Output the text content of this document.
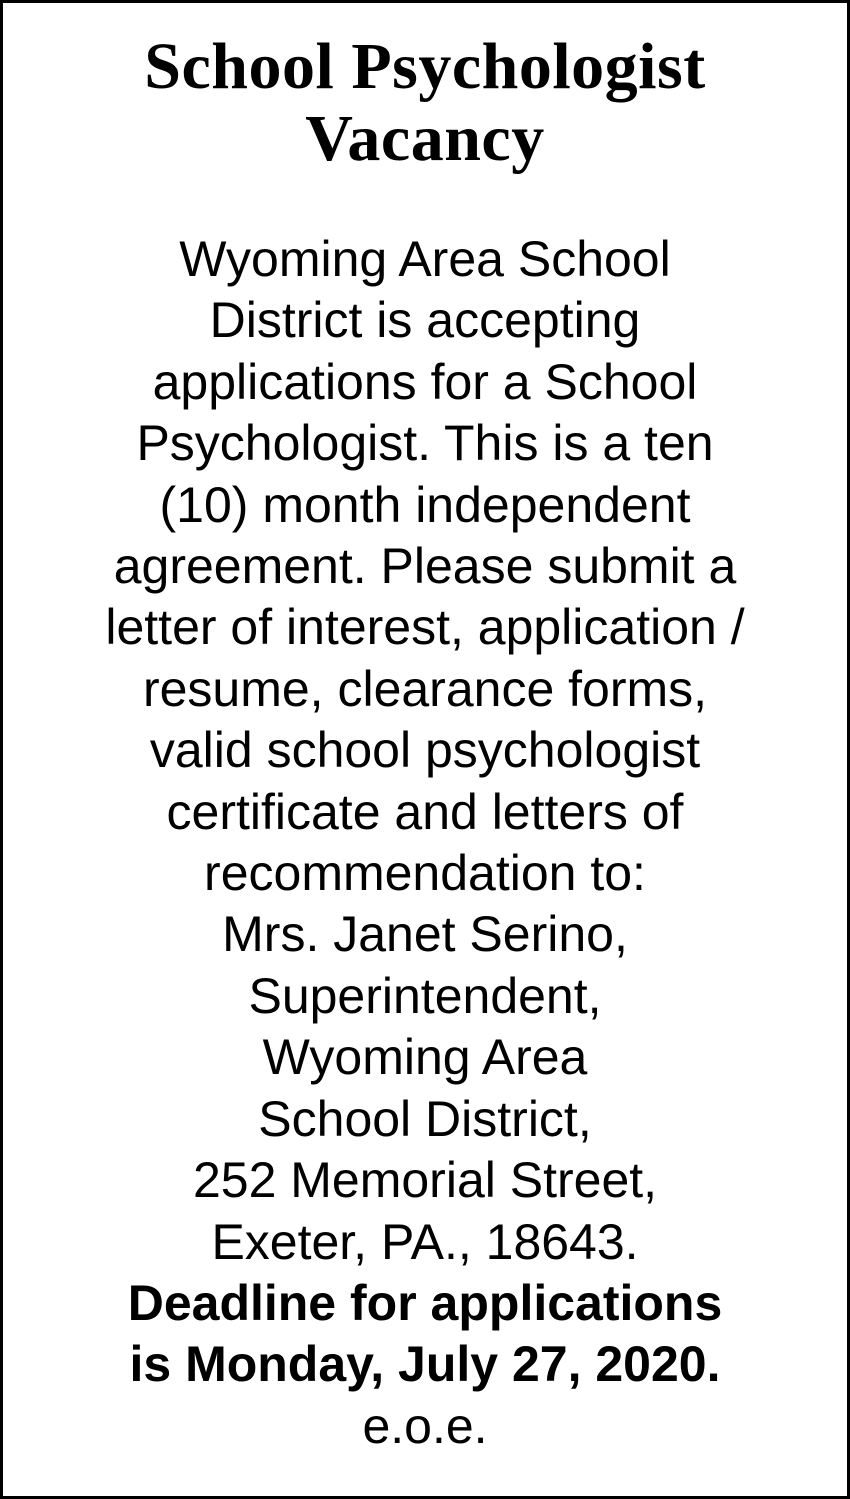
School Psychologist
Vacancy
Wyoming Area School
District is accepting
applications for a School
Psychologist. This is a ten
(10) month independent
agreement. Please submit a
letter of interest, application /
resume, clearance forms,
valid school psychologist
certificate and letters of
recommendation to:
Mrs. Janet Serino,
Superintendent,
Wyoming Area
School District,
252 Memorial Street,
Exeter, PA., 18643.
Deadline for applications
is Monday, July 27, 2020.
e.o.e.
